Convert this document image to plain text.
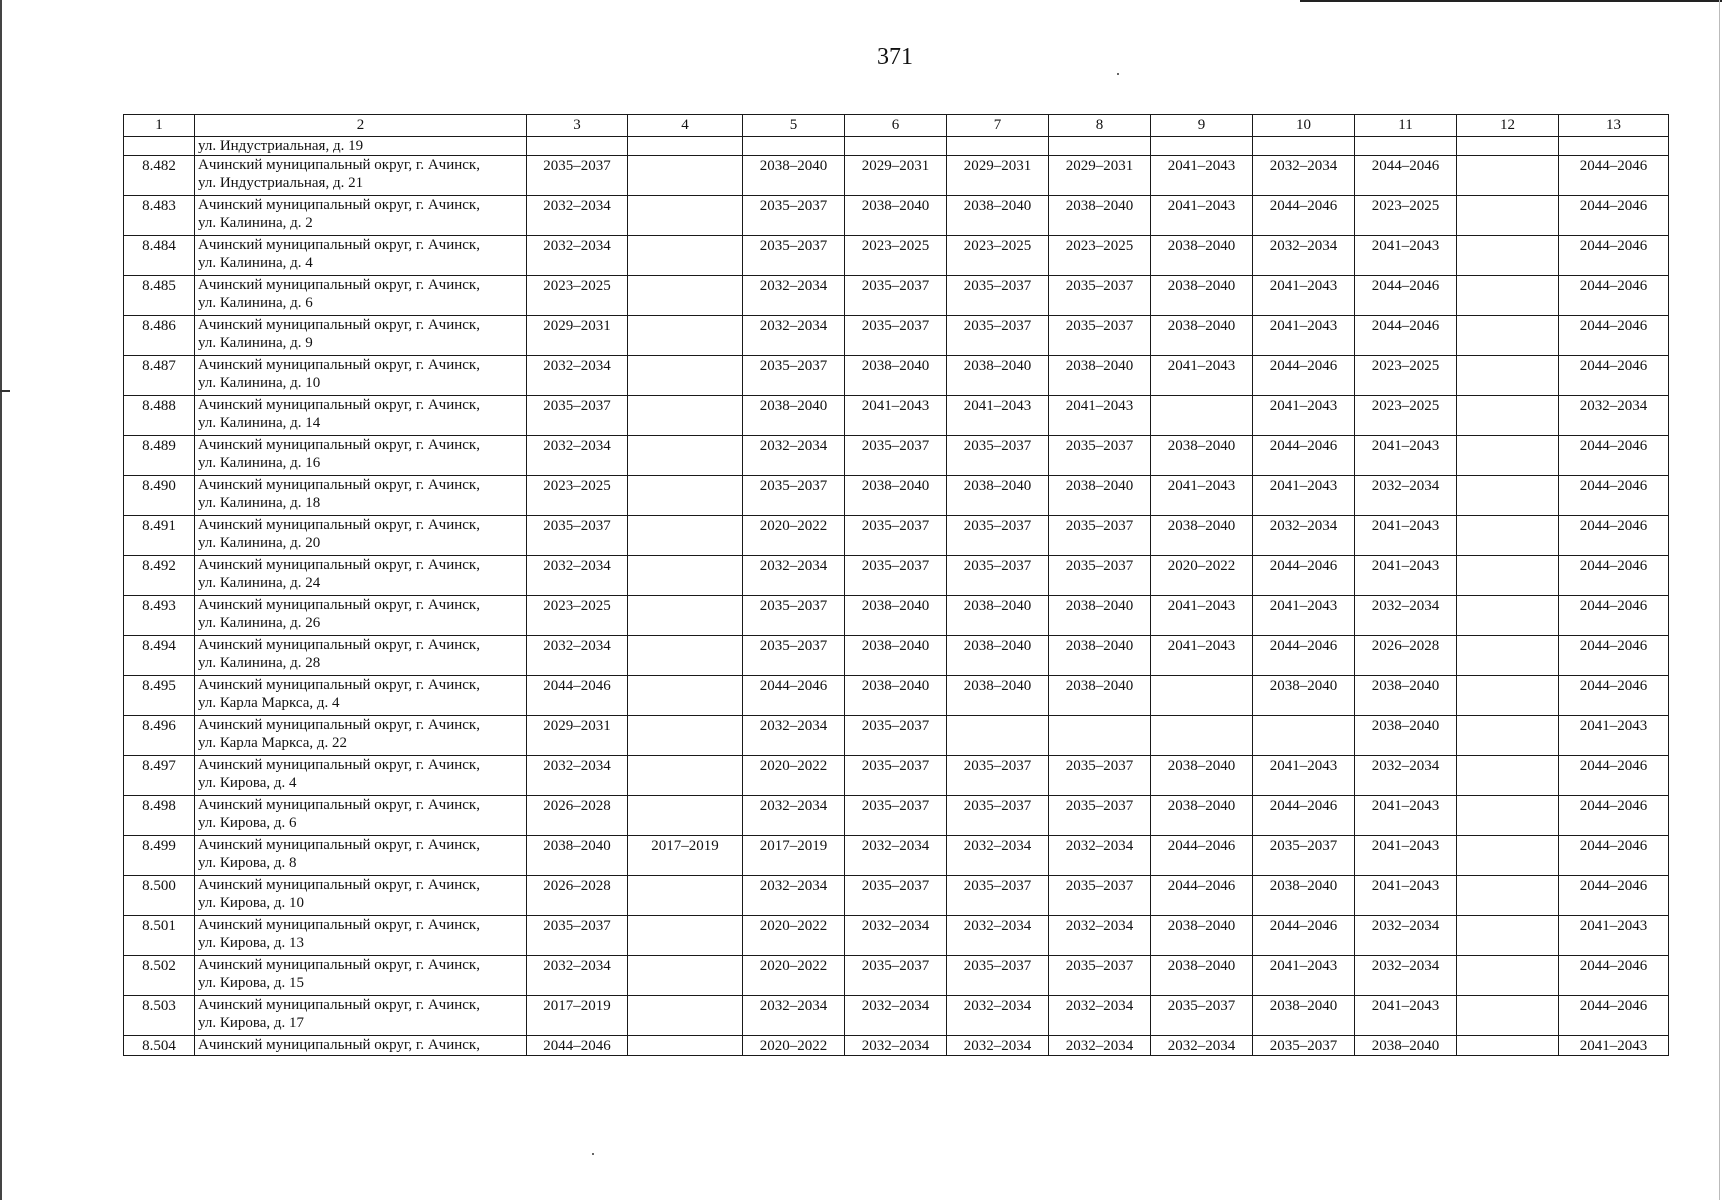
371
1	2	3	4	5	6	7	8	9	10	11	12	13
	ул. Индустриальная, д. 19											
8.482	Ачинский муниципальный округ, г. Ачинск,
ул. Индустриальная, д. 21	2035–2037		2038–2040	2029–2031	2029–2031	2029–2031	2041–2043	2032–2034	2044–2046		2044–2046
8.483	Ачинский муниципальный округ, г. Ачинск,
ул. Калинина, д. 2	2032–2034		2035–2037	2038–2040	2038–2040	2038–2040	2041–2043	2044–2046	2023–2025		2044–2046
8.484	Ачинский муниципальный округ, г. Ачинск,
ул. Калинина, д. 4	2032–2034		2035–2037	2023–2025	2023–2025	2023–2025	2038–2040	2032–2034	2041–2043		2044–2046
8.485	Ачинский муниципальный округ, г. Ачинск,
ул. Калинина, д. 6	2023–2025		2032–2034	2035–2037	2035–2037	2035–2037	2038–2040	2041–2043	2044–2046		2044–2046
8.486	Ачинский муниципальный округ, г. Ачинск,
ул. Калинина, д. 9	2029–2031		2032–2034	2035–2037	2035–2037	2035–2037	2038–2040	2041–2043	2044–2046		2044–2046
8.487	Ачинский муниципальный округ, г. Ачинск,
ул. Калинина, д. 10	2032–2034		2035–2037	2038–2040	2038–2040	2038–2040	2041–2043	2044–2046	2023–2025		2044–2046
8.488	Ачинский муниципальный округ, г. Ачинск,
ул. Калинина, д. 14	2035–2037		2038–2040	2041–2043	2041–2043	2041–2043		2041–2043	2023–2025		2032–2034
8.489	Ачинский муниципальный округ, г. Ачинск,
ул. Калинина, д. 16	2032–2034		2032–2034	2035–2037	2035–2037	2035–2037	2038–2040	2044–2046	2041–2043		2044–2046
8.490	Ачинский муниципальный округ, г. Ачинск,
ул. Калинина, д. 18	2023–2025		2035–2037	2038–2040	2038–2040	2038–2040	2041–2043	2041–2043	2032–2034		2044–2046
8.491	Ачинский муниципальный округ, г. Ачинск,
ул. Калинина, д. 20	2035–2037		2020–2022	2035–2037	2035–2037	2035–2037	2038–2040	2032–2034	2041–2043		2044–2046
8.492	Ачинский муниципальный округ, г. Ачинск,
ул. Калинина, д. 24	2032–2034		2032–2034	2035–2037	2035–2037	2035–2037	2020–2022	2044–2046	2041–2043		2044–2046
8.493	Ачинский муниципальный округ, г. Ачинск,
ул. Калинина, д. 26	2023–2025		2035–2037	2038–2040	2038–2040	2038–2040	2041–2043	2041–2043	2032–2034		2044–2046
8.494	Ачинский муниципальный округ, г. Ачинск,
ул. Калинина, д. 28	2032–2034		2035–2037	2038–2040	2038–2040	2038–2040	2041–2043	2044–2046	2026–2028		2044–2046
8.495	Ачинский муниципальный округ, г. Ачинск,
ул. Карла Маркса, д. 4	2044–2046		2044–2046	2038–2040	2038–2040	2038–2040		2038–2040	2038–2040		2044–2046
8.496	Ачинский муниципальный округ, г. Ачинск,
ул. Карла Маркса, д. 22	2029–2031		2032–2034	2035–2037					2038–2040		2041–2043
8.497	Ачинский муниципальный округ, г. Ачинск,
ул. Кирова, д. 4	2032–2034		2020–2022	2035–2037	2035–2037	2035–2037	2038–2040	2041–2043	2032–2034		2044–2046
8.498	Ачинский муниципальный округ, г. Ачинск,
ул. Кирова, д. 6	2026–2028		2032–2034	2035–2037	2035–2037	2035–2037	2038–2040	2044–2046	2041–2043		2044–2046
8.499	Ачинский муниципальный округ, г. Ачинск,
ул. Кирова, д. 8	2038–2040	2017–2019	2017–2019	2032–2034	2032–2034	2032–2034	2044–2046	2035–2037	2041–2043		2044–2046
8.500	Ачинский муниципальный округ, г. Ачинск,
ул. Кирова, д. 10	2026–2028		2032–2034	2035–2037	2035–2037	2035–2037	2044–2046	2038–2040	2041–2043		2044–2046
8.501	Ачинский муниципальный округ, г. Ачинск,
ул. Кирова, д. 13	2035–2037		2020–2022	2032–2034	2032–2034	2032–2034	2038–2040	2044–2046	2032–2034		2041–2043
8.502	Ачинский муниципальный округ, г. Ачинск,
ул. Кирова, д. 15	2032–2034		2020–2022	2035–2037	2035–2037	2035–2037	2038–2040	2041–2043	2032–2034		2044–2046
8.503	Ачинский муниципальный округ, г. Ачинск,
ул. Кирова, д. 17	2017–2019		2032–2034	2032–2034	2032–2034	2032–2034	2035–2037	2038–2040	2041–2043		2044–2046
8.504	Ачинский муниципальный округ, г. Ачинск,	2044–2046		2020–2022	2032–2034	2032–2034	2032–2034	2032–2034	2035–2037	2038–2040		2041–2043
